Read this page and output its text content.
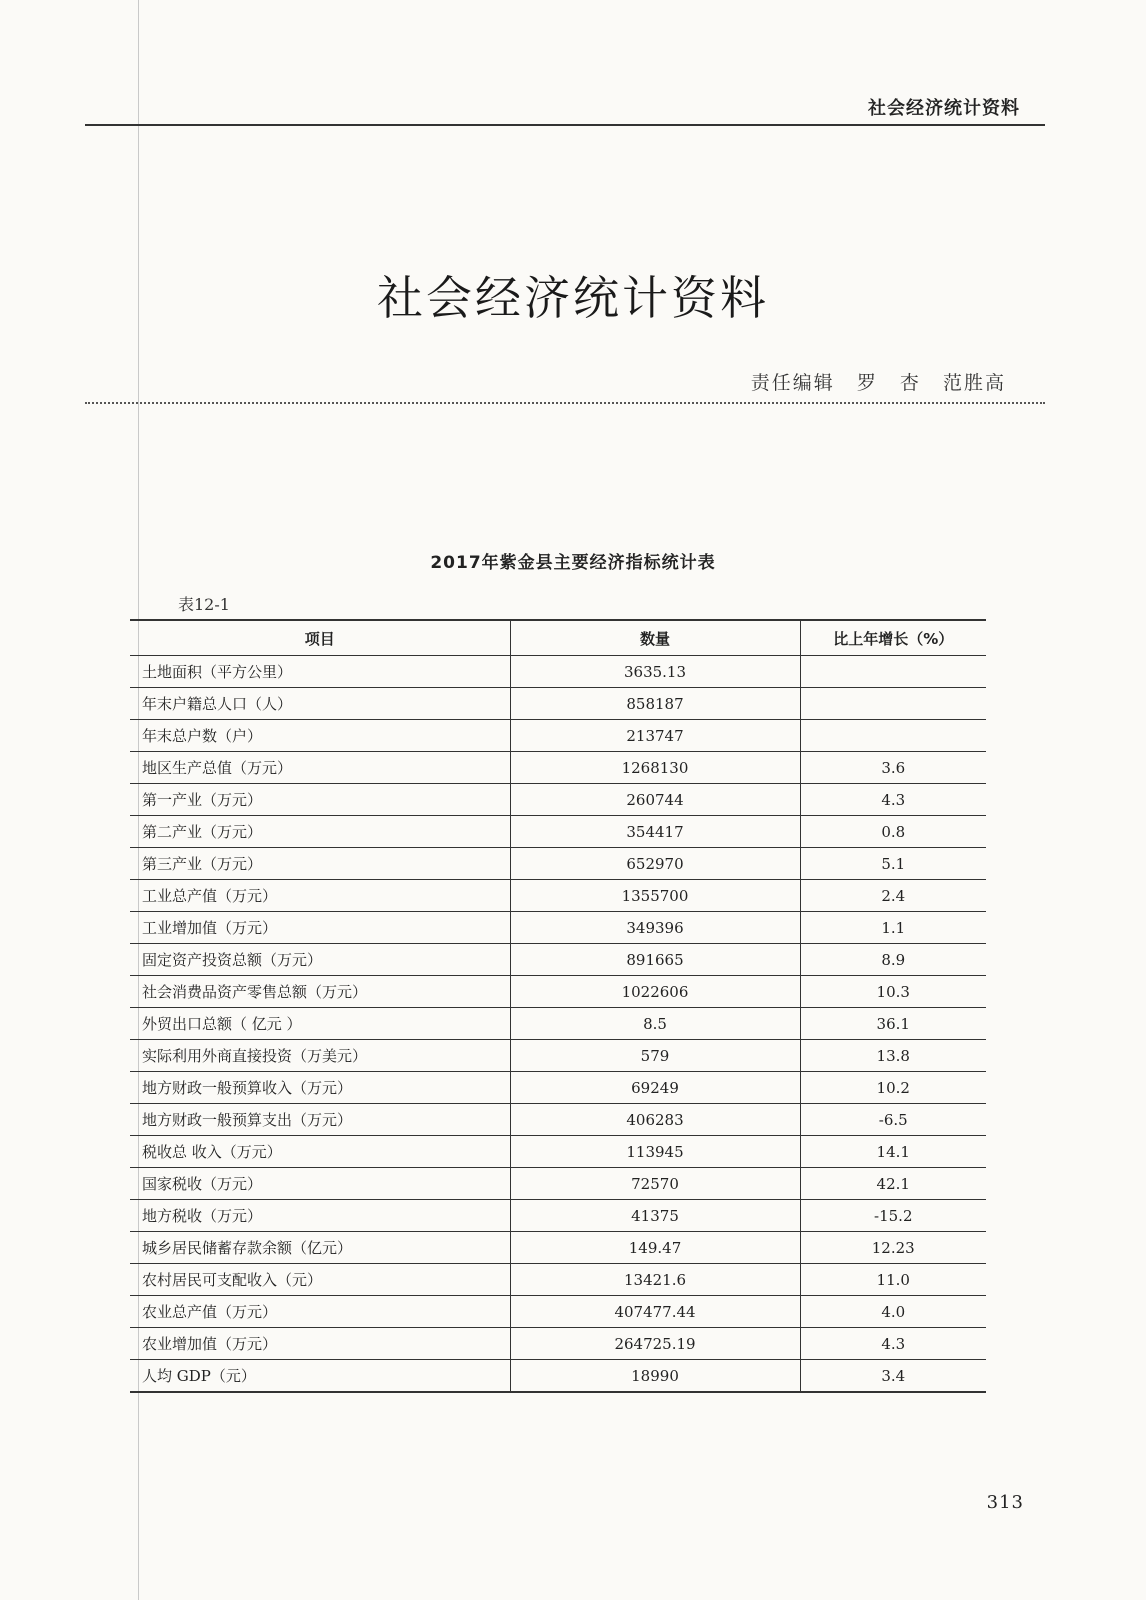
社会经济统计资料
社会经济统计资料
责任编辑 罗 杏 范胜高
2017年紫金县主要经济指标统计表
表12-1
项目	数量	比上年增长（%）
土地面积（平方公里）	3635.13	
年末户籍总人口（人）	858187	
年末总户数（户）	213747	
地区生产总值（万元）	1268130	3.6
第一产业（万元）	260744	4.3
第二产业（万元）	354417	0.8
第三产业（万元）	652970	5.1
工业总产值（万元）	1355700	2.4
工业增加值（万元）	349396	1.1
固定资产投资总额（万元）	891665	8.9
社会消费品资产零售总额（万元）	1022606	10.3
外贸出口总额（ 亿元 ）	8.5	36.1
实际利用外商直接投资（万美元）	579	13.8
地方财政一般预算收入（万元）	69249	10.2
地方财政一般预算支出（万元）	406283	-6.5
税收总 收入（万元）	113945	14.1
国家税收（万元）	72570	42.1
地方税收（万元）	41375	-15.2
城乡居民储蓄存款余额（亿元）	149.47	12.23
农村居民可支配收入（元）	13421.6	11.0
农业总产值（万元）	407477.44	4.0
农业增加值（万元）	264725.19	4.3
人均 GDP（元）	18990	3.4
313
